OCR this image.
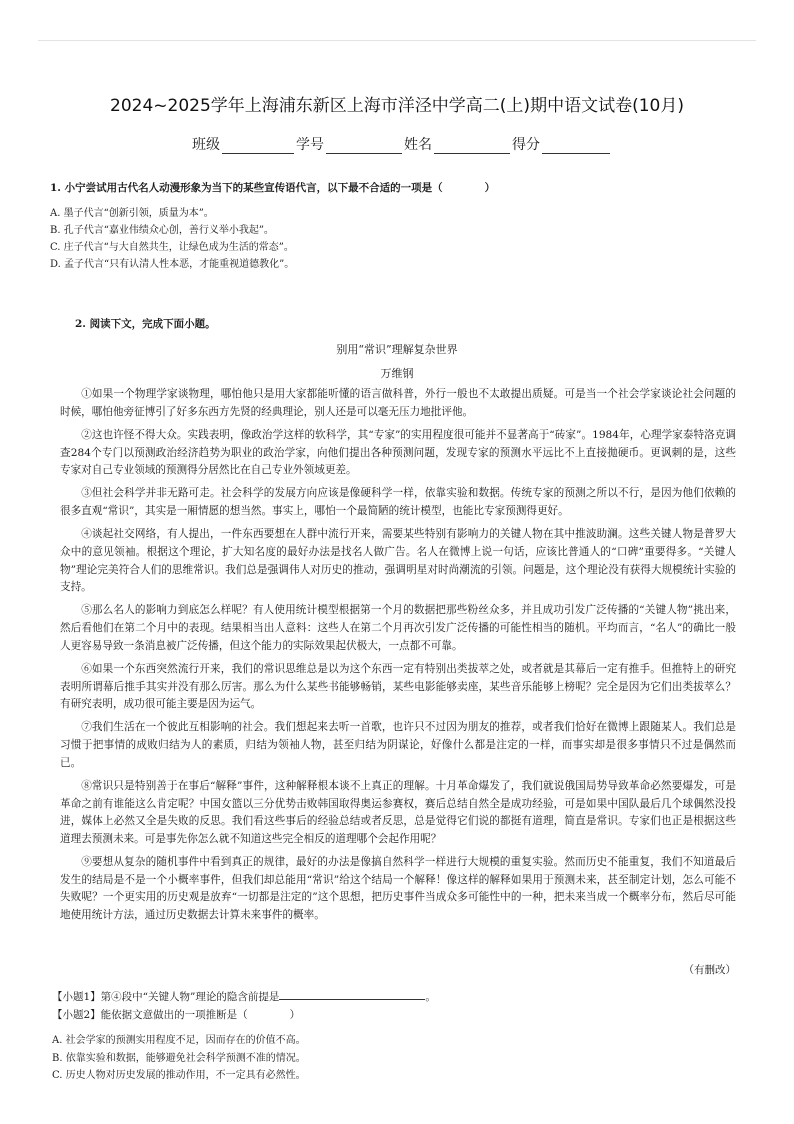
2024~2025学年上海浦东新区上海市洋泾中学高二(上)期中语文试卷(10月)
班级	学号	姓名	得分
1. 小宁尝试用古代名人动漫形象为当下的某些宣传语代言，以下最不合适的一项是（　　　　）
A. 墨子代言“创新引领，质量为本”。
B. 孔子代言“嘉业伟绩众心创，善行义举小我起”。
C. 庄子代言“与大自然共生，让绿色成为生活的常态”。
D. 孟子代言“只有认清人性本恶，才能重视道德教化”。
2. 阅读下文，完成下面小题。
别用“常识”理解复杂世界
万维钢

①如果一个物理学家谈物理，哪怕他只是用大家都能听懂的语言做科普，外行一般也不太敢提出质疑。可是当一个社会学家谈论社会问题的时候，哪怕他旁征博引了好多东西方先贤的经典理论，别人还是可以毫无压力地批评他。

②这也许怪不得大众。实践表明，像政治学这样的软科学，其“专家”的实用程度很可能并不显著高于“砖家”。1984年，心理学家泰特洛克调查284个专门以预测政治经济趋势为职业的政治学家，向他们提出各种预测问题，发现专家的预测水平远比不上直接拋硬币。更讽刺的是，这些专家对自己专业领域的预测得分居然比在自己专业外领域更差。

③但社会科学并非无路可走。社会科学的发展方向应该是像硬科学一样，依靠实验和数据。传统专家的预测之所以不行，是因为他们依赖的很多直观“常识”，其实是一厢情愿的想当然。事实上，哪怕一个最简陋的统计模型，也能比专家预测得更好。

④谈起社交网络，有人提出，一件东西要想在人群中流行开来，需要某些特别有影响力的关键人物在其中推波助澜。这些关键人物是普罗大众中的意见领袖。根据这个理论，扩大知名度的最好办法是找名人做广告。名人在微博上说一句话，应该比普通人的“口碑”重要得多。“关键人物”理论完美符合人们的思维常识。我们总是强调伟人对历史的推动，强调明星对时尚潮流的引领。问题是，这个理论没有获得大规模统计实验的支持。

⑤那么名人的影响力到底怎么样呢？有人使用统计模型根据第一个月的数据把那些粉丝众多，并且成功引发广泛传播的“关键人物”挑出来，然后看他们在第二个月中的表现。结果相当出人意料：这些人在第二个月再次引发广泛传播的可能性相当的随机。平均而言，“名人”的确比一般人更容易导致一条消息被广泛传播，但这个能力的实际效果起伏极大，一点都不可靠。

⑥如果一个东西突然流行开来，我们的常识思维总是以为这个东西一定有特别出类拔萃之处，或者就是其幕后一定有推手。但推特上的研究表明所谓幕后推手其实并没有那么厉害。那么为什么某些书能够畅销，某些电影能够卖座，某些音乐能够上榜呢？完全是因为它们出类拔萃么？有研究表明，成功很可能主要是因为运气。

⑦我们生活在一个彼此互相影响的社会。我们想起来去听一首歌，也许只不过因为朋友的推荐，或者我们恰好在微博上跟随某人。我们总是习惯于把事情的成败归结为人的素质，归结为领袖人物，甚至归结为阴谋论，好像什么都是注定的一样，而事实却是很多事情只不过是偶然而已。

⑧常识只是特别善于在事后“解释”事件，这种解释根本谈不上真正的理解。十月革命爆发了，我们就说俄国局势导致革命必然要爆发，可是革命之前有谁能这么肯定呢？中国女篮以三分优势击败韩国取得奥运参赛权，赛后总结自然全是成功经验，可是如果中国队最后几个球偶然没投进，媒体上必然又全是失败的反思。我们看这些事后的经验总结或者反思，总是觉得它们说的都挺有道理，简直是常识。专家们也正是根据这些道理去预测未来。可是事先你怎么就不知道这些完全相反的道理哪个会起作用呢？

⑨要想从复杂的随机事件中看到真正的规律，最好的办法是像搞自然科学一样进行大规模的重复实验。然而历史不能重复，我们不知道最后发生的结局是不是一个小概率事件，但我们却总能用“常识”给这个结局一个解释！像这样的解释如果用于预测未来，甚至制定计划，怎么可能不失败呢？一个更实用的历史观是放弃“一切都是注定的”这个思想，把历史事件当成众多可能性中的一种，把未来当成一个概率分布，然后尽可能地使用统计方法，通过历史数据去计算未来事件的概率。

（有删改）
【小题1】第④段中“关键人物”理论的隐含前提是	。
【小题2】能依据文意做出的一项推断是（　　　　）
A. 社会学家的预测实用程度不足，因而存在的价值不高。
B. 依靠实验和数据，能够避免社会科学预测不准的情况。
C. 历史人物对历史发展的推动作用，不一定具有必然性。
